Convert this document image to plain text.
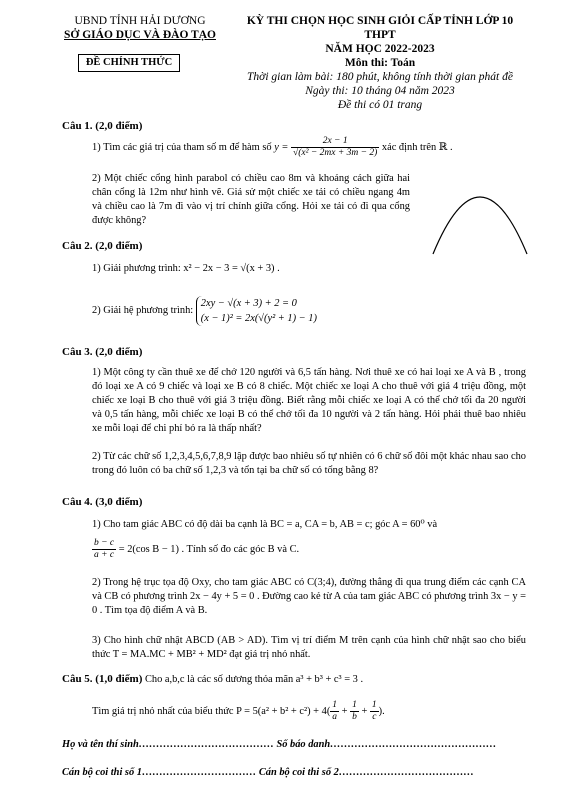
UBND TỈNH HẢI DƯƠNG
SỞ GIÁO DỤC VÀ ĐÀO TẠO
ĐỀ CHÍNH THỨC
KỲ THI CHỌN HỌC SINH GIỎI CẤP TỈNH LỚP 10 THPT
NĂM HỌC 2022-2023
Môn thi: Toán
Thời gian làm bài: 180 phút, không tính thời gian phát đề
Ngày thi: 10 tháng 04 năm 2023
Đề thi có 01 trang
Câu 1. (2,0 điểm)
1) Tìm các giá trị của tham số m để hàm số $y = \frac{2x - 1}{\text{√(x² − 2mx + 3m − 2)}}$ xác định trên ℝ .
2) Một chiếc cổng hình parabol có chiều cao 8m và khoảng cách giữa hai chân cổng là 12m như hình vẽ. Giả sử một chiếc xe tải có chiều ngang 4m và chiều cao là 7m đi vào vị trí chính giữa cổng. Hỏi xe tải có đi qua cổng được không?
Câu 2. (2,0 điểm)
1) Giải phương trình: x² − 2x − 3 = √(x + 3) .
2) Giải hệ phương trình:
2xy − √(x + 3) + 2 = 0
(x − 1)² = 2x(√(y² + 1) − 1)
Câu 3. (2,0 điểm)
1) Một công ty cần thuê xe để chở 120 người và 6,5 tấn hàng. Nơi thuê xe có hai loại xe A và B , trong đó loại xe A có 9 chiếc và loại xe B có 8 chiếc. Một chiếc xe loại A cho thuê với giá 4 triệu đồng, một chiếc xe loại B cho thuê với giá 3 triệu đồng. Biết rằng mỗi chiếc xe loại A có thể chở tối đa 20 người và 0,5 tấn hàng, mỗi chiếc xe loại B có thể chở tối đa 10 người và 2 tấn hàng. Hỏi phải thuê bao nhiêu xe mỗi loại để chi phí bỏ ra là thấp nhất?
2) Từ các chữ số 1,2,3,4,5,6,7,8,9 lập được bao nhiêu số tự nhiên có 6 chữ số đôi một khác nhau sao cho trong đó luôn có ba chữ số 1,2,3 và tổn tại ba chữ số có tổng bằng 8?
Câu 4. (3,0 điểm)
1) Cho tam giác ABC có độ dài ba cạnh là BC = a, CA = b, AB = c; góc A = 60⁰ và
$\frac{b - c}{a + c} = 2(\cos$ B − 1) . Tính số đo các góc B và C.
2) Trong hệ trục tọa độ Oxy, cho tam giác ABC có C(3;4), đường thẳng đi qua trung điểm các cạnh CA và CB có phương trình 2x − 4y + 5 = 0 . Đường cao kẻ từ A của tam giác ABC có phương trình 3x − y = 0 . Tìm tọa độ điểm A và B.
3) Cho hình chữ nhật ABCD (AB > AD). Tìm vị trí điểm M trên cạnh của hình chữ nhật sao cho biểu thức T = MA.MC + MB² + MD² đạt giá trị nhỏ nhất.
Câu 5. (1,0 điểm) Cho a,b,c là các số dương thỏa mãn a³ + b³ + c³ = 3 .
Tìm giá trị nhỏ nhất của biểu thức $P = 5(a^2 + b^2 + c^2) + 4( \frac{1}{a} + \frac{1}{b} + \frac{1}{c}$ ).
Họ và tên thí sinh………………………………… Số báo danh…………………………………………
Cán bộ coi thi số 1…………………………… Cán bộ coi thi số 2…………………………………
